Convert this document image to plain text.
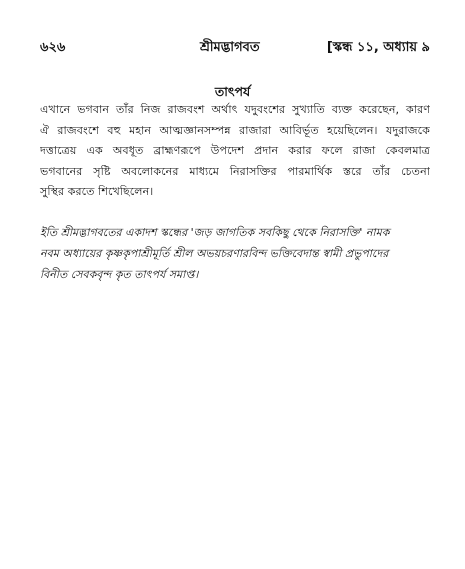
৬২৬	শ্রীমদ্ভাগবত	[স্কন্ধ ১১, অধ্যায় ৯
তাৎপর্য
এখানে ভগবান তাঁর নিজ রাজবংশ অর্থাৎ যদুবংশের সুখ্যাতি ব্যক্ত করেছেন, কারণ
ঐ রাজবংশে বহু মহান আত্মজ্ঞানসম্পন্ন রাজারা আবির্ভূত হয়েছিলেন। যদুরাজকে
দত্তাত্রেয় এক অবধূত ব্রাহ্মণরূপে উপদেশ প্রদান করার ফলে রাজা কেবলমাত্র
ভগবানের সৃষ্টি অবলোকনের মাধ্যমে নিরাসক্তির পারমার্থিক স্তরে তাঁর চেতনা
সুস্থির করতে শিখেছিলেন।
ইতি শ্রীমদ্ভাগবতের একাদশ স্কন্ধের 'জড় জাগতিক সবকিছু থেকে নিরাসক্তি' নামক
নবম অধ্যায়ের কৃষ্ণকৃপাশ্রীমূর্তি শ্রীল অভয়চরণারবিন্দ ভক্তিবেদান্ত স্বামী প্রভুপাদের
বিনীত সেবকবৃন্দ কৃত তাৎপর্য সমাপ্ত।
